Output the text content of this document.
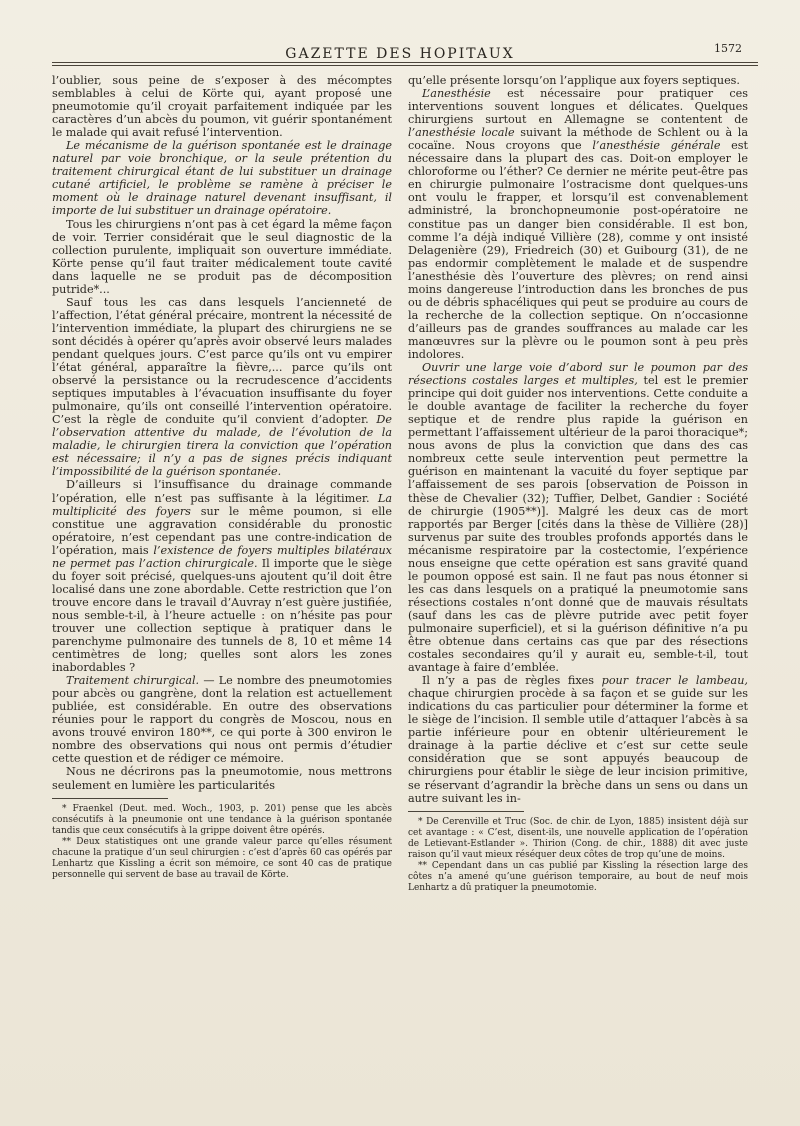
GAZETTE DES HOPITAUX	1572

l’oublier, sous peine de s’exposer à des mécomptes semblables à celui de Körte qui, ayant proposé une pneumotomie qu’il croyait parfaitement indiquée par les caractères d’un abcès du poumon, vit guérir spontanément le malade qui avait refusé l’intervention.

Le mécanisme de la guérison spontanée est le drainage naturel par voie bronchique, or la seule prétention du traitement chirurgical étant de lui substituer un drainage cutané artificiel, le problème se ramène à préciser le moment où le drainage naturel devenant insuffisant, il importe de lui substituer un drainage opératoire.

Tous les chirurgiens n’ont pas à cet égard la même façon de voir. Terrier considérait que le seul diagnostic de la collection purulente, impliquait son ouverture immédiate. Körte pense qu’il faut traiter médicalement toute cavité dans laquelle ne se produit pas de décomposition putride*...

Sauf tous les cas dans lesquels l’ancienneté de l’affection, l’état général précaire, montrent la nécessité de l’intervention immédiate, la plupart des chirurgiens ne se sont décidés à opérer qu’après avoir observé leurs malades pendant quelques jours. C’est parce qu’ils ont vu empirer l’état général, apparaître la fièvre,... parce qu’ils ont observé la persistance ou la recrudescence d’accidents septiques imputables à l’évacuation insuffisante du foyer pulmonaire, qu’ils ont conseillé l’intervention opératoire. C’est la règle de conduite qu’il convient d’adopter. De l’observation attentive du malade, de l’évolution de la maladie, le chirurgien tirera la conviction que l’opération est nécessaire; il n’y a pas de signes précis indiquant l’impossibilité de la guérison spontanée.

D’ailleurs si l’insuffisance du drainage commande l’opération, elle n’est pas suffisante à la légitimer. La multiplicité des foyers sur le même poumon, si elle constitue une aggravation considérable du pronostic opératoire, n’est cependant pas une contre-indication de l’opération, mais l’existence de foyers multiples bilatéraux ne permet pas l’action chirurgicale. Il importe que le siège du foyer soit précisé, quelques-uns ajoutent qu’il doit être localisé dans une zone abordable. Cette restriction que l’on trouve encore dans le travail d’Auvray n’est guère justifiée, nous semble-t-il, à l’heure actuelle : on n’hésite pas pour trouver une collection septique à pratiquer dans le parenchyme pulmonaire des tunnels de 8, 10 et même 14 centimètres de long; quelles sont alors les zones inabordables ?

Traitement chirurgical. — Le nombre des pneumotomies pour abcès ou gangrène, dont la relation est actuellement publiée, est considérable. En outre des observations réunies pour le rapport du congrès de Moscou, nous en avons trouvé environ 180**, ce qui porte à 300 environ le nombre des observations qui nous ont permis d’étudier cette question et de rédiger ce mémoire.

Nous ne décrirons pas la pneumotomie, nous mettrons seulement en lumière les particularités

* Fraenkel (Deut. med. Woch., 1903, p. 201) pense que les abcès consécutifs à la pneumonie ont une tendance à la guérison spontanée tandis que ceux consécutifs à la grippe doivent être opérés.

** Deux statistiques ont une grande valeur parce qu’elles résument chacune la pratique d’un seul chirurgien : c’est d’après 60 cas opérés par Lenhartz que Kissling a écrit son mémoire, ce sont 40 cas de pratique personnelle qui servent de base au travail de Körte.

qu’elle présente lorsqu’on l’applique aux foyers septiques.

L’anesthésie est nécessaire pour pratiquer ces interventions souvent longues et délicates. Quelques chirurgiens surtout en Allemagne se contentent de l’anesthésie locale suivant la méthode de Schlent ou à la cocaïne. Nous croyons que l’anesthésie générale est nécessaire dans la plupart des cas. Doit-on employer le chloroforme ou l’éther? Ce dernier ne mérite peut-être pas en chirurgie pulmonaire l’ostracisme dont quelques-uns ont voulu le frapper, et lorsqu’il est convenablement administré, la bronchopneumonie post-opératoire ne constitue pas un danger bien considérable. Il est bon, comme l’a déjà indiqué Villière (28), comme y ont insisté Delagenière (29), Friedreich (30) et Guibourg (31), de ne pas endormir complètement le malade et de suspendre l’anesthésie dès l’ouverture des plèvres; on rend ainsi moins dangereuse l’introduction dans les bronches de pus ou de débris sphacéliques qui peut se produire au cours de la recherche de la collection septique. On n’occasionne d’ailleurs pas de grandes souffrances au malade car les manœuvres sur la plèvre ou le poumon sont à peu près indolores.

Ouvrir une large voie d’abord sur le poumon par des résections costales larges et multiples, tel est le premier principe qui doit guider nos interventions. Cette conduite a le double avantage de faciliter la recherche du foyer septique et de rendre plus rapide la guérison en permettant l’affaissement ultérieur de la paroi thoracique*; nous avons de plus la conviction que dans des cas nombreux cette seule intervention peut permettre la guérison en maintenant la vacuité du foyer septique par l’affaissement de ses parois [observation de Poisson in thèse de Chevalier (32); Tuffier, Delbet, Gandier : Société de chirurgie (1905**)]. Malgré les deux cas de mort rapportés par Berger [cités dans la thèse de Villière (28)] survenus par suite des troubles profonds apportés dans le mécanisme respiratoire par la costectomie, l’expérience nous enseigne que cette opération est sans gravité quand le poumon opposé est sain. Il ne faut pas nous étonner si les cas dans lesquels on a pratiqué la pneumotomie sans résections costales n’ont donné que de mauvais résultats (sauf dans les cas de plèvre putride avec petit foyer pulmonaire superficiel), et si la guérison définitive n’a pu être obtenue dans certains cas que par des résections costales secondaires qu’il y aurait eu, semble-t-il, tout avantage à faire d’emblée.

Il n’y a pas de règles fixes pour tracer le lambeau, chaque chirurgien procède à sa façon et se guide sur les indications du cas particulier pour déterminer la forme et le siège de l’incision. Il semble utile d’attaquer l’abcès à sa partie inférieure pour en obtenir ultérieurement le drainage à la partie déclive et c’est sur cette seule considération que se sont appuyés beaucoup de chirurgiens pour établir le siège de leur incision primitive, se réservant d’agrandir la brèche dans un sens ou dans un autre suivant les in-

* De Cerenville et Truc (Soc. de chir. de Lyon, 1885) insistent déjà sur cet avantage : « C’est, disent-ils, une nouvelle application de l’opération de Letievant-Estlander ». Thirion (Cong. de chir., 1888) dit avec juste raison qu’il vaut mieux réséquer deux côtes de trop qu’une de moins.

** Cependant dans un cas publié par Kissling la résection large des côtes n’a amené qu’une guérison temporaire, au bout de neuf mois Lenhartz a dû pratiquer la pneumotomie.
